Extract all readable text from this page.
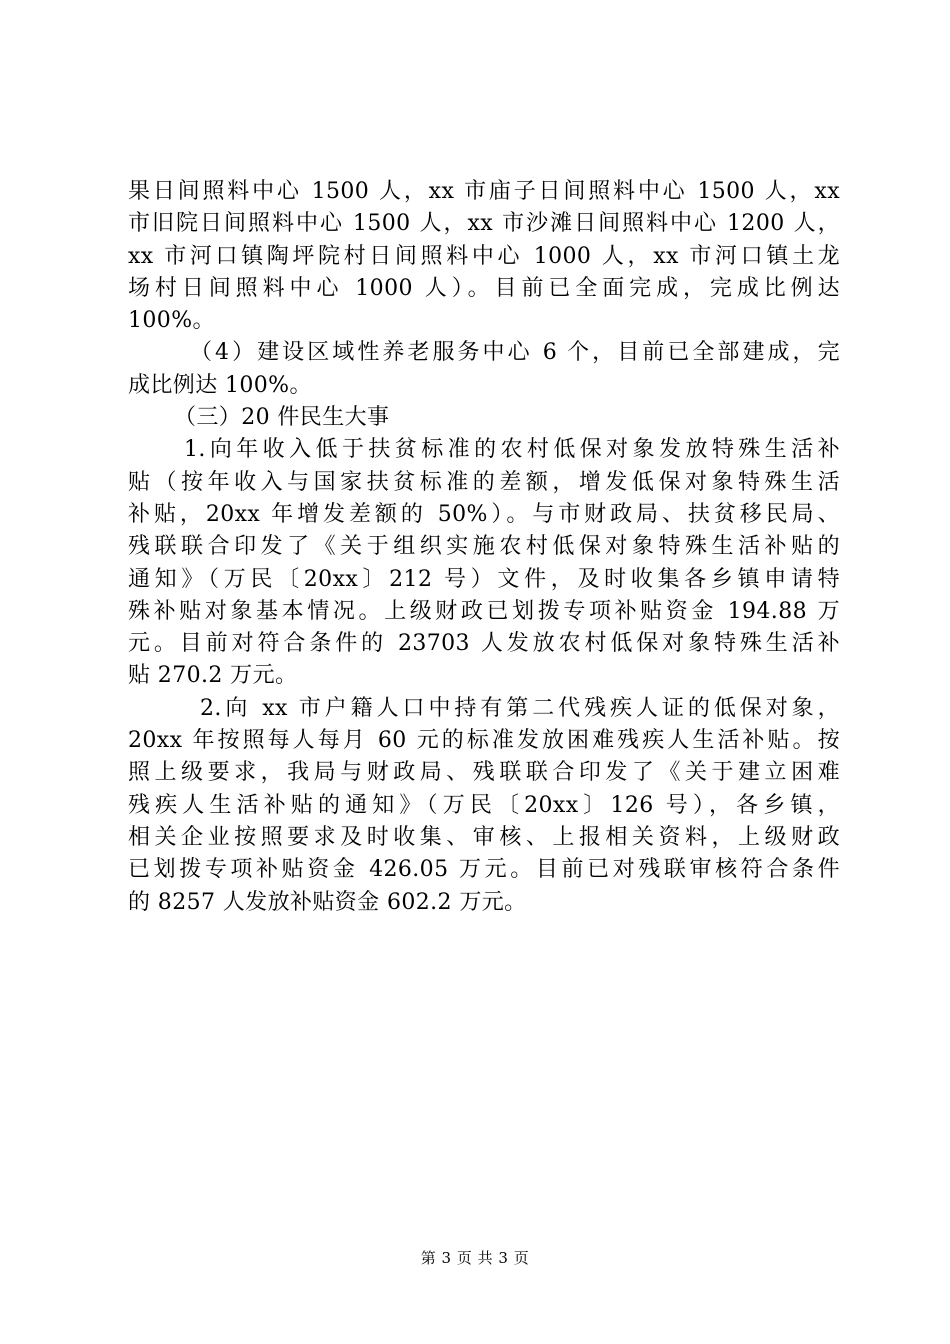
果日间照料中心 1500 人，xx 市庙子日间照料中心 1500 人，xx
市旧院日间照料中心 1500 人，xx 市沙滩日间照料中心 1200 人，
xx 市河口镇陶坪院村日间照料中心 1000 人，xx 市河口镇土龙
场村日间照料中心 1000 人）。目前已全面完成，完成比例达
100%。
（4）建设区域性养老服务中心 6 个，目前已全部建成，完
成比例达 100%。
（三）20 件民生大事
1.向年收入低于扶贫标准的农村低保对象发放特殊生活补
贴（按年收入与国家扶贫标准的差额，增发低保对象特殊生活
补贴，20xx 年增发差额的 50%）。与市财政局、扶贫移民局、
残联联合印发了《关于组织实施农村低保对象特殊生活补贴的
通知》（万民〔20xx〕212 号）文件，及时收集各乡镇申请特
殊补贴对象基本情况。上级财政已划拨专项补贴资金 194.88 万
元。目前对符合条件的 23703 人发放农村低保对象特殊生活补
贴 270.2 万元。
2.向 xx 市户籍人口中持有第二代残疾人证的低保对象，
20xx 年按照每人每月 60 元的标准发放困难残疾人生活补贴。按
照上级要求，我局与财政局、残联联合印发了《关于建立困难
残疾人生活补贴的通知》（万民〔20xx〕126 号），各乡镇，
相关企业按照要求及时收集、审核、上报相关资料，上级财政
已划拨专项补贴资金 426.05 万元。目前已对残联审核符合条件
的 8257 人发放补贴资金 602.2 万元。
第 3 页 共 3 页
